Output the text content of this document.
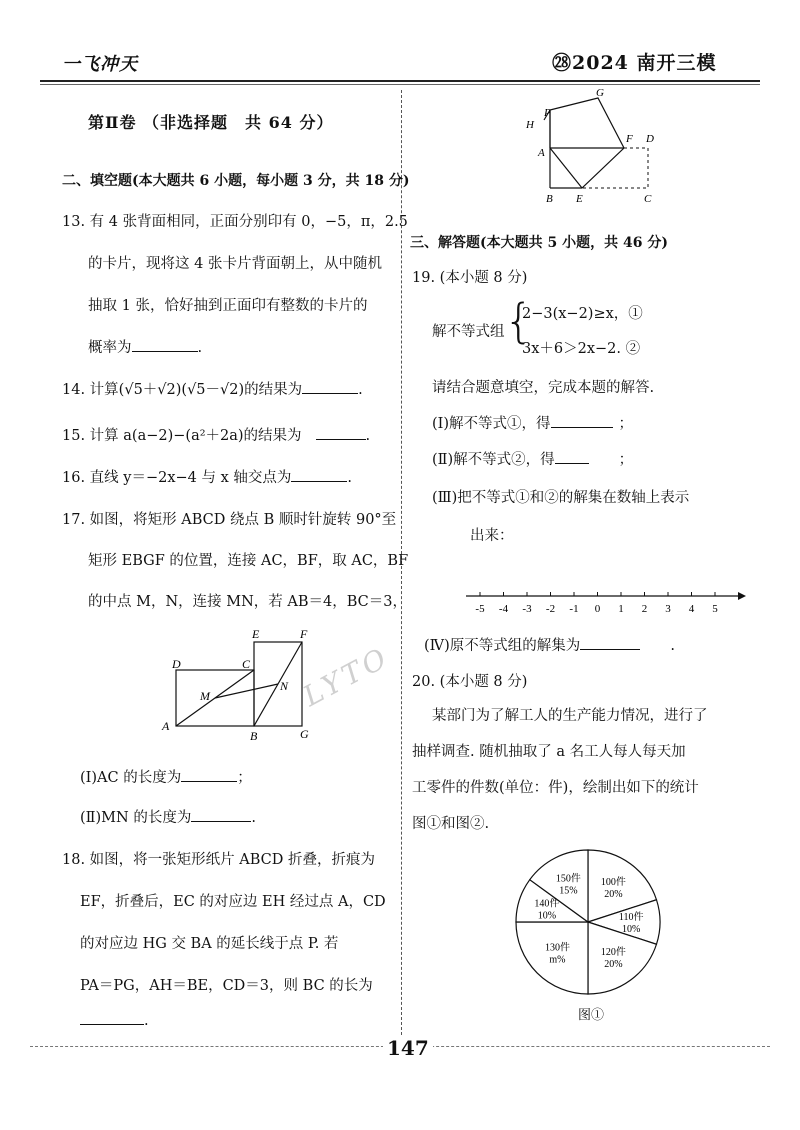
一飞冲天	㉘2024 南开三模
第Ⅱ卷 （非选择题　共 64 分）
二、填空题(本大题共 6 小题，每小题 3 分，共 18 分)
13. 有 4 张背面相同，正面分别印有 0，−5，π，2.5
的卡片，现将这 4 张卡片背面朝上，从中随机
抽取 1 张，恰好抽到正面印有整数的卡片的
概率为	.
14. 计算(√5＋√2)(√5－√2)的结果为	.
15. 计算 a(a−2)−(a²＋2a)的结果为	.
16. 直线 y＝−2x−4 与 x 轴交点为	.
17. 如图，将矩形 ABCD 绕点 B 顺时针旋转 90°至
矩形 EBGF 的位置，连接 AC，BF，取 AC，BF
的中点 M，N，连接 MN，若 AB＝4，BC＝3，
A
B
C
D
E	F
G
M
N
(Ⅰ)AC 的长度为	；
(Ⅱ)MN 的长度为	.
18. 如图，将一张矩形纸片 ABCD 折叠，折痕为
EF，折叠后，EC 的对应边 EH 经过点 A，CD
的对应边 HG 交 BA 的延长线于点 P. 若
PA＝PG，AH＝BE，CD＝3，则 BC 的长为
.
P
G
H
A
F D
B E	C
三、解答题(本大题共 5 小题，共 46 分)
19. (本小题 8 分)
解不等式组 {
2−3(x−2)≥x，①
3x＋6＞2x−2. ②
请结合题意填空，完成本题的解答.
(Ⅰ)解不等式①，得	；
(Ⅱ)解不等式②，得	；
(Ⅲ)把不等式①和②的解集在数轴上表示
出来：
-5 -4 -3 -2 -1 0 1 2 3 4 5
(Ⅳ)原不等式组的解集为	.
20. (本小题 8 分)
某部门为了解工人的生产能力情况，进行了
抽样调查. 随机抽取了 a 名工人每人每天加
工零件的件数(单位：件)，绘制出如下的统计
图①和图②.
100件
20%
110件
10%
120件
20%
130件
m%
140件
10%
150件
15%
图①
LYTO
147
